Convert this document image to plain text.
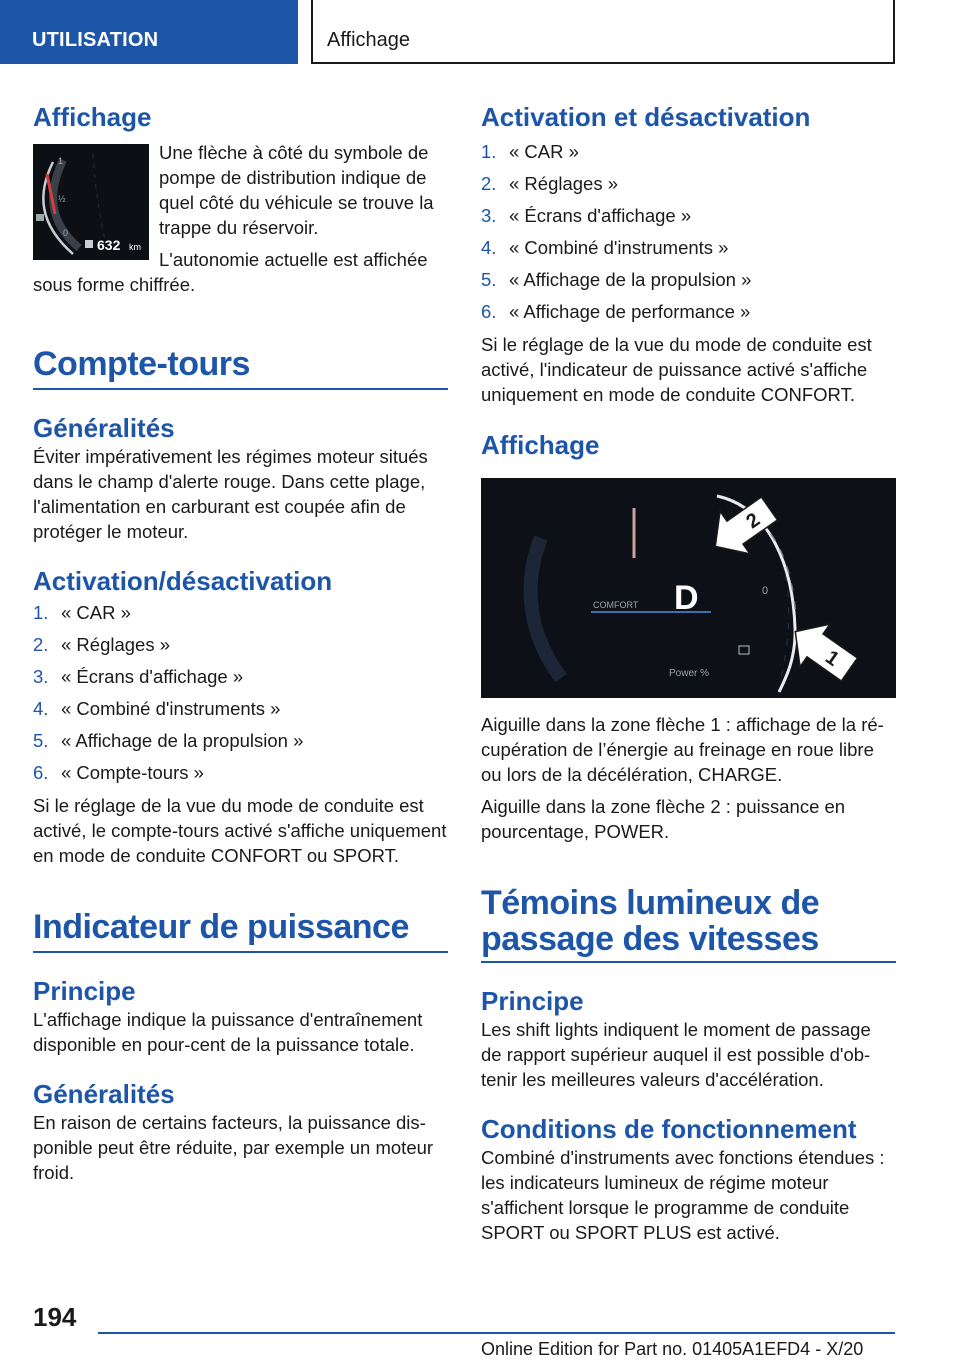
UTILISATION	Affichage
Affichage
1
½
0
632 km

Une flèche à côté du symbole de pompe de distribution indique de quel côté du véhicule se trouve la trappe du réservoir.

L'autonomie actuelle est affichée sous forme chiffrée.

Compte-tours
Généralités

Éviter impérativement les régimes moteur situés dans le champ d'alerte rouge. Dans cette plage, l'alimentation en carburant est coupée afin de protéger le moteur.

Activation/désactivation
1. « CAR »
2. « Réglages »
3. « Écrans d'affichage »
4. « Combiné d'instruments »
5. « Affichage de la propulsion »
6. « Compte-tours »

Si le réglage de la vue du mode de conduite est activé, le compte-tours activé s'affiche uniquement en mode de conduite CONFORT ou SPORT.

Indicateur de puissance
Principe

L'affichage indique la puissance d'entraînement disponible en pour-cent de la puissance totale.

Généralités

En raison de certains facteurs, la puissance disponible peut être réduite, par exemple un moteur froid.

Activation et désactivation
1. « CAR »
2. « Réglages »
3. « Écrans d'affichage »
4. « Combiné d'instruments »
5. « Affichage de la propulsion »
6. « Affichage de performance »

Si le réglage de la vue du mode de conduite est activé, l'indicateur de puissance activé s'affiche uniquement en mode de conduite CONFORT.

Affichage
COMFORT D	0
Power %
2
1

Aiguille dans la zone flèche 1 : affichage de la récupération de l’énergie au freinage en roue libre ou lors de la décélération, CHARGE.

Aiguille dans la zone flèche 2 : puissance en pourcentage, POWER.

Témoins lumineux de passage des vitesses
Principe

Les shift lights indiquent le moment de passage de rapport supérieur auquel il est possible d'obtenir les meilleures valeurs d'accélération.

Conditions de fonctionnement

Combiné d'instruments avec fonctions étendues : les indicateurs lumineux de régime moteur s'affichent lorsque le programme de conduite SPORT ou SPORT PLUS est activé.

194
Online Edition for Part no. 01405A1EFD4 - X/20
